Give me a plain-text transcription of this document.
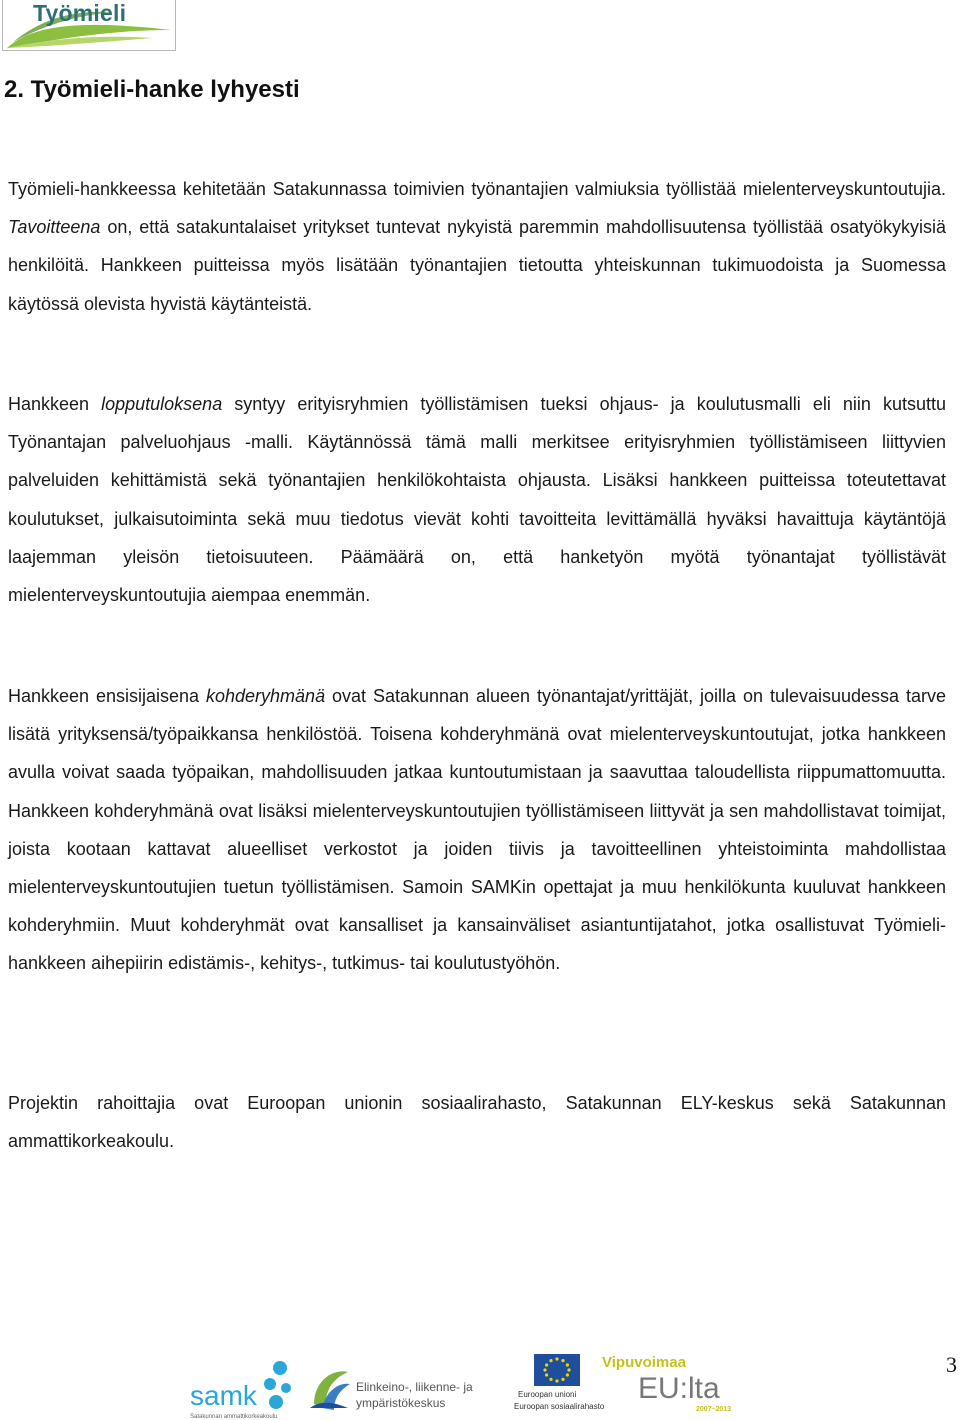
Työmieli
2. Työmieli-hanke lyhyesti

Työmieli-hankkeessa kehitetään Satakunnassa toimivien työnantajien valmiuksia työllistää mielenterveyskuntoutujia. Tavoitteena on, että satakuntalaiset yritykset tuntevat nykyistä paremmin mahdollisuutensa työllistää osatyökykyisiä henkilöitä. Hankkeen puitteissa myös lisätään työnantajien tietoutta yhteiskunnan tukimuodoista ja Suomessa käytössä olevista hyvistä käytänteistä.

Hankkeen lopputuloksena syntyy erityisryhmien työllistämisen tueksi ohjaus- ja koulutusmalli eli niin kutsuttu Työnantajan palveluohjaus -malli. Käytännössä tämä malli merkitsee erityisryhmien työllistämiseen liittyvien palveluiden kehittämistä sekä työnantajien henkilökohtaista ohjausta. Lisäksi hankkeen puitteissa toteutettavat koulutukset, julkaisutoiminta sekä muu tiedotus vievät kohti tavoitteita levittämällä hyväksi havaittuja käytäntöjä laajemman yleisön tietoisuuteen. Päämäärä on, että hanketyön myötä työnantajat työllistävät mielenterveyskuntoutujia aiempaa enemmän.

Hankkeen ensisijaisena kohderyhmänä ovat Satakunnan alueen työnantajat/yrittäjät, joilla on tulevaisuudessa tarve lisätä yrityksensä/työpaikkansa henkilöstöä. Toisena kohderyhmänä ovat mielenterveyskuntoutujat, jotka hankkeen avulla voivat saada työpaikan, mahdollisuuden jatkaa kuntoutumistaan ja saavuttaa taloudellista riippumattomuutta. Hankkeen kohderyhmänä ovat lisäksi mielenterveyskuntoutujien työllistämiseen liittyvät ja sen mahdollistavat toimijat, joista kootaan kattavat alueelliset verkostot ja joiden tiivis ja tavoitteellinen yhteistoiminta mahdollistaa mielenterveyskuntoutujien tuetun työllistämisen. Samoin SAMKin opettajat ja muu henkilökunta kuuluvat hankkeen kohderyhmiin. Muut kohderyhmät ovat kansalliset ja kansainväliset asiantuntijatahot, jotka osallistuvat Työmieli-hankkeen aihepiirin edistämis-, kehitys-, tutkimus- tai koulutustyöhön.

Projektin rahoittajia ovat Euroopan unionin sosiaalirahasto, Satakunnan ELY-keskus sekä Satakunnan ammattikorkeakoulu.

3
samk
Satakunnan ammattikorkeakoulu
Elinkeino-, liikenne- ja
ympäristökeskus
Euroopan unioni
Euroopan sosiaalirahasto
Vipuvoimaa
EU:lta
2007–2013
